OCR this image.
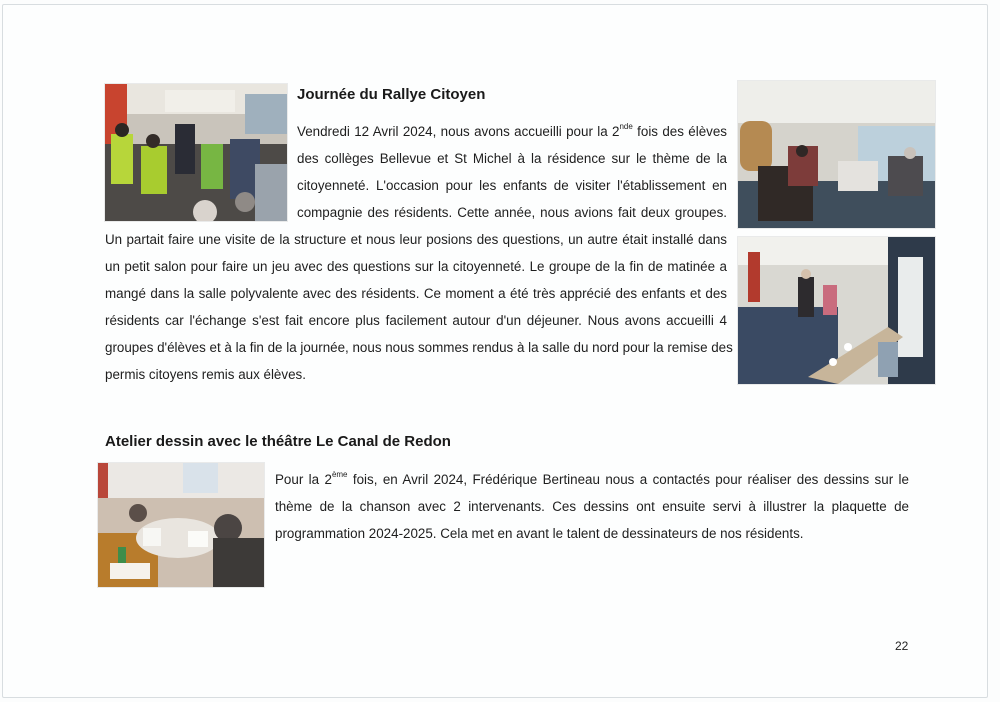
Journée du Rallye Citoyen
Vendredi 12 Avril 2024, nous avons accueilli pour la 2nde fois des élèves
des collèges Bellevue et St Michel à la résidence sur le thème de la
citoyenneté. L'occasion pour les enfants de visiter l'établissement en
compagnie des résidents. Cette année, nous avions fait deux groupes.
Un partait faire une visite de la structure et nous leur posions des questions, un autre était installé dans
un petit salon pour faire un jeu avec des questions sur la citoyenneté. Le groupe de la fin de matinée a
mangé dans la salle polyvalente avec des résidents. Ce moment a été très apprécié des enfants et des
résidents car l'échange s'est fait encore plus facilement autour d'un déjeuner. Nous avons accueilli 4
groupes d'élèves et à la fin de la journée, nous nous sommes rendus à la salle du nord pour la remise des
permis citoyens remis aux élèves.
Atelier dessin avec le théâtre Le Canal de Redon
Pour la 2ème fois, en Avril 2024, Frédérique Bertineau nous a contactés pour réaliser des dessins sur le
thème de la chanson avec 2 intervenants. Ces dessins ont ensuite servi à illustrer la plaquette de
programmation 2024-2025. Cela met en avant le talent de dessinateurs de nos résidents.
22
